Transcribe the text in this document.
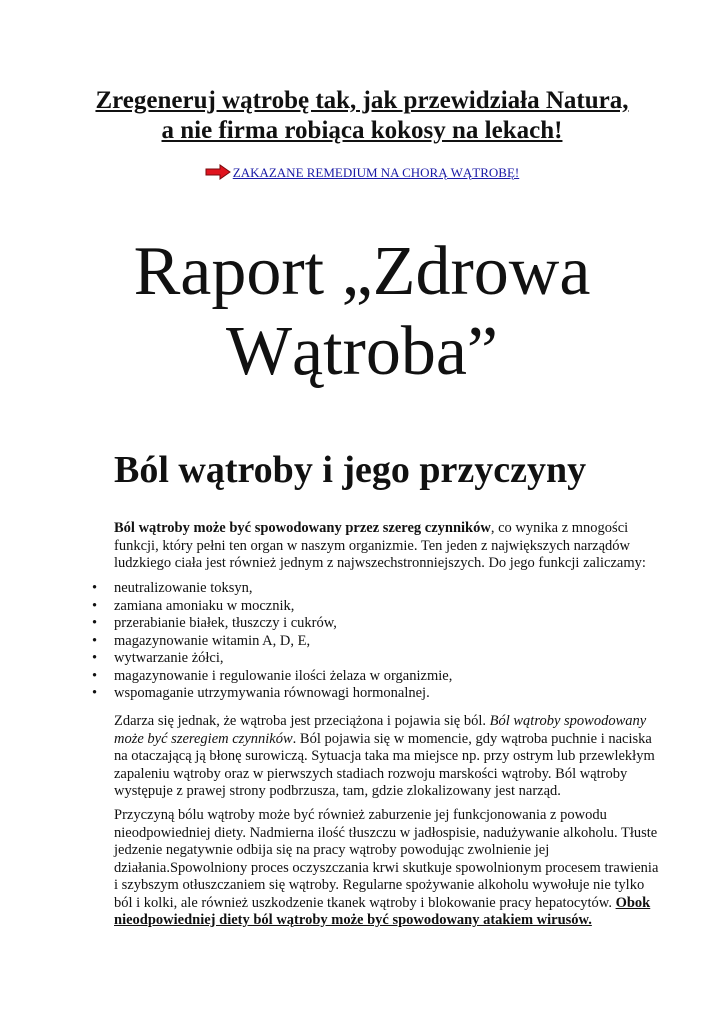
Zregeneruj wątrobę tak, jak przewidziała Natura,
a nie firma robiąca kokosy na lekach!
ZAKAZANE REMEDIUM NA CHORĄ WĄTROBĘ!
Raport „Zdrowa
Wątroba”
Ból wątroby i jego przyczyny

Ból wątroby może być spowodowany przez szereg czynników, co wynika z mnogości funkcji, który pełni ten organ w naszym organizmie. Ten jeden z największych narządów ludzkiego ciała jest również jednym z najwszechstronniejszych. Do jego funkcji zaliczamy:

• neutralizowanie toksyn,
• zamiana amoniaku w mocznik,
• przerabianie białek, tłuszczy i cukrów,
• magazynowanie witamin A, D, E,
• wytwarzanie żółci,
• magazynowanie i regulowanie ilości żelaza w organizmie,
• wspomaganie utrzymywania równowagi hormonalnej.

Zdarza się jednak, że wątroba jest przeciążona i pojawia się ból. Ból wątroby spowodowany może być szeregiem czynników. Ból pojawia się w momencie, gdy wątroba puchnie i naciska na otaczającą ją błonę surowiczą. Sytuacja taka ma miejsce np. przy ostrym lub przewlekłym zapaleniu wątroby oraz w pierwszych stadiach rozwoju marskości wątroby. Ból wątroby występuje z prawej strony podbrzusza, tam, gdzie zlokalizowany jest narząd.

Przyczyną bólu wątroby może być również zaburzenie jej funkcjonowania z powodu nieodpowiedniej diety. Nadmierna ilość tłuszczu w jadłospisie, nadużywanie alkoholu. Tłuste jedzenie negatywnie odbija się na pracy wątroby powodując zwolnienie jej działania.Spowolniony proces oczyszczania krwi skutkuje spowolnionym procesem trawienia i szybszym otłuszczaniem się wątroby. Regularne spożywanie alkoholu wywołuje nie tylko ból i kolki, ale również uszkodzenie tkanek wątroby i blokowanie pracy hepatocytów. Obok nieodpowiedniej diety ból wątroby może być spowodowany atakiem wirusów.
